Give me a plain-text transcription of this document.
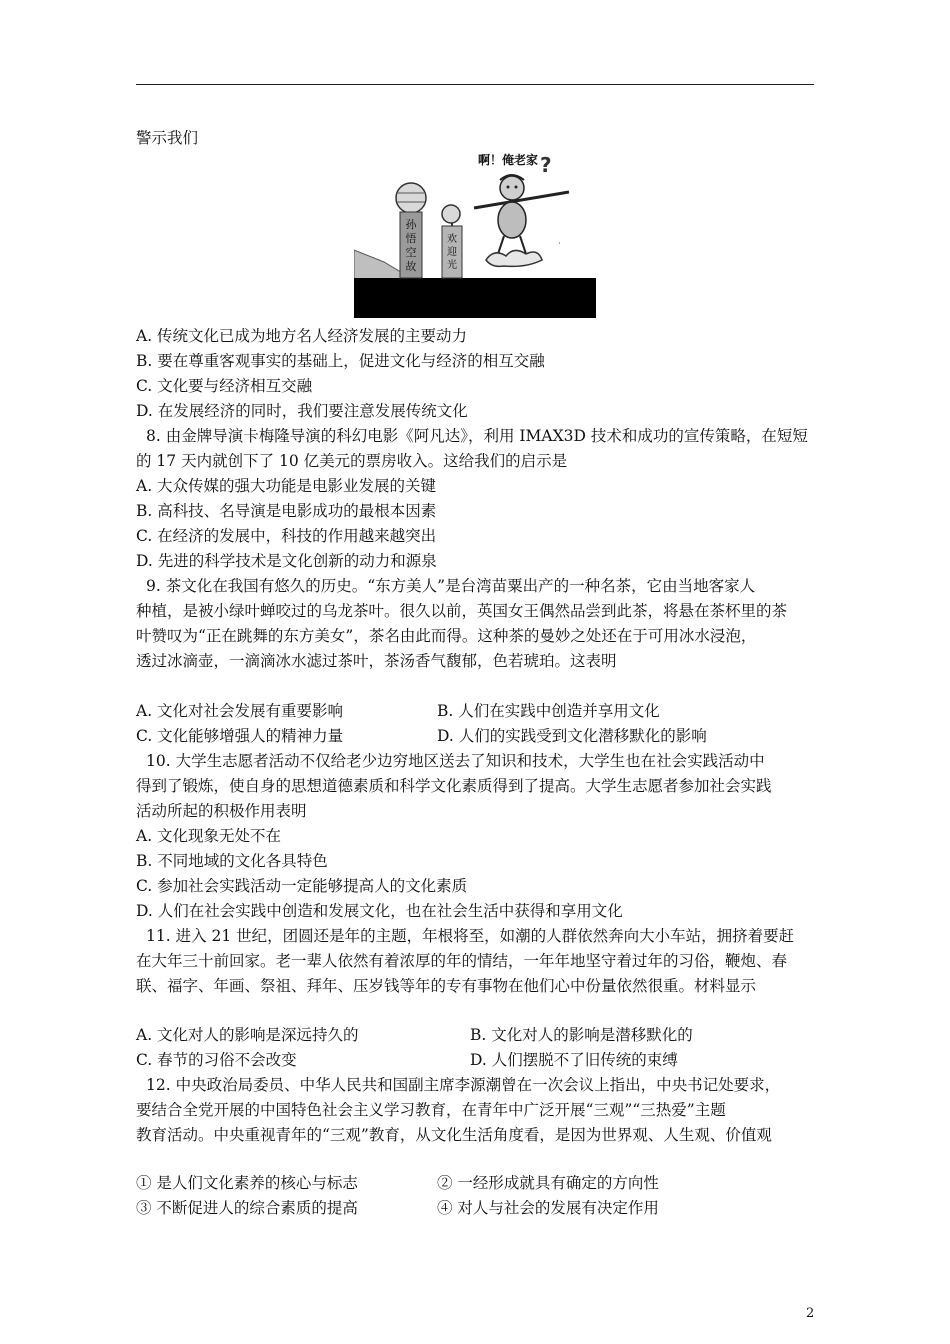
警示我们
孙
悟
空
故
欢
迎
光
啊！俺老家 ?
·
A. 传统文化已成为地方名人经济发展的主要动力
B. 要在尊重客观事实的基础上，促进文化与经济的相互交融
C. 文化要与经济相互交融
D. 在发展经济的同时，我们要注意发展传统文化
8. 由金牌导演卡梅隆导演的科幻电影《阿凡达》，利用 IMAX3D 技术和成功的宣传策略，在短短
的 17 天内就创下了 10 亿美元的票房收入。这给我们的启示是
A. 大众传媒的强大功能是电影业发展的关键
B. 高科技、名导演是电影成功的最根本因素
C. 在经济的发展中，科技的作用越来越突出
D. 先进的科学技术是文化创新的动力和源泉
9. 茶文化在我国有悠久的历史。“东方美人”是台湾苗粟出产的一种名茶，它由当地客家人
种植，是被小绿叶蝉咬过的乌龙茶叶。很久以前，英国女王偶然品尝到此茶，将悬在茶杯里的茶
叶赞叹为“正在跳舞的东方美女”，茶名由此而得。这种茶的曼妙之处还在于可用冰水浸泡，
透过冰滴壶，一滴滴冰水滤过茶叶，茶汤香气馥郁，色若琥珀。这表明
A. 文化对社会发展有重要影响	B. 人们在实践中创造并享用文化
C. 文化能够增强人的精神力量	D. 人们的实践受到文化潜移默化的影响
10. 大学生志愿者活动不仅给老少边穷地区送去了知识和技术，大学生也在社会实践活动中
得到了锻炼，使自身的思想道德素质和科学文化素质得到了提高。大学生志愿者参加社会实践
活动所起的积极作用表明
A. 文化现象无处不在
B. 不同地域的文化各具特色
C. 参加社会实践活动一定能够提高人的文化素质
D. 人们在社会实践中创造和发展文化，也在社会生活中获得和享用文化
11. 进入 21 世纪，团圆还是年的主题，年根将至，如潮的人群依然奔向大小车站，拥挤着要赶
在大年三十前回家。老一辈人依然有着浓厚的年的情结，一年年地坚守着过年的习俗，鞭炮、春
联、福字、年画、祭祖、拜年、压岁钱等年的专有事物在他们心中份量依然很重。材料显示
A. 文化对人的影响是深远持久的	B. 文化对人的影响是潜移默化的
C. 春节的习俗不会改变	D. 人们摆脱不了旧传统的束缚
12. 中央政治局委员、中华人民共和国副主席李源潮曾在一次会议上指出，中央书记处要求，
要结合全党开展的中国特色社会主义学习教育，在青年中广泛开展“三观”“三热爱”主题
教育活动。中央重视青年的“三观”教育，从文化生活角度看，是因为世界观、人生观、价值观
① 是人们文化素养的核心与标志	② 一经形成就具有确定的方向性
③ 不断促进人的综合素质的提高	④ 对人与社会的发展有决定作用
2
